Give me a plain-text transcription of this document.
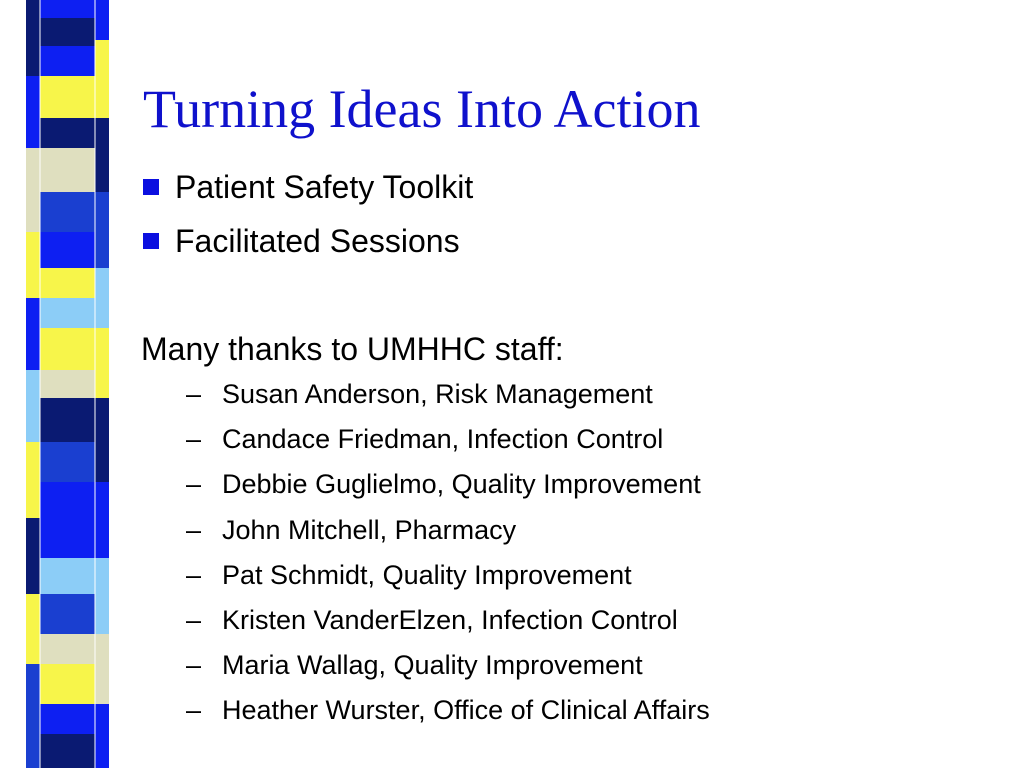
Turning Ideas Into Action
Patient Safety Toolkit
Facilitated Sessions
Many thanks to UMHHC staff:
– Susan Anderson, Risk Management
– Candace Friedman, Infection Control
– Debbie Guglielmo, Quality Improvement
– John Mitchell, Pharmacy
– Pat Schmidt, Quality Improvement
– Kristen VanderElzen, Infection Control
– Maria Wallag, Quality Improvement
– Heather Wurster, Office of Clinical Affairs
